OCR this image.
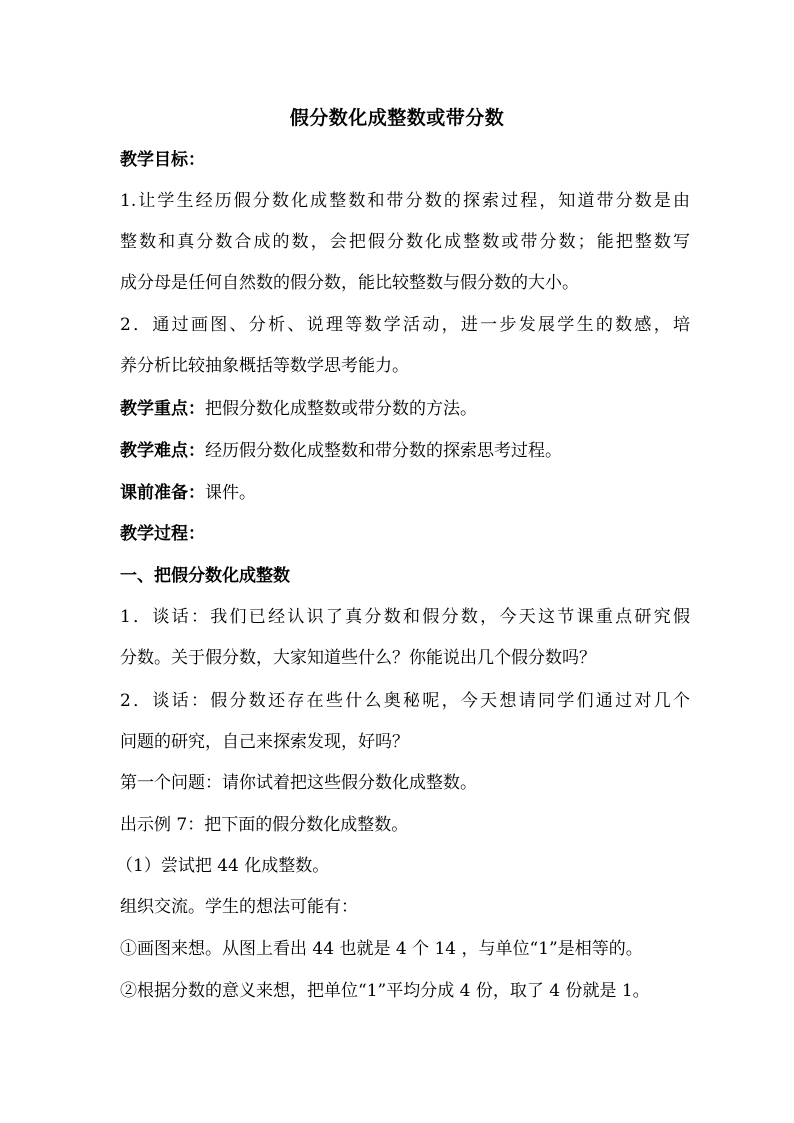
假分数化成整数或带分数
教学目标：
1.让学生经历假分数化成整数和带分数的探索过程，知道带分数是由
整数和真分数合成的数，会把假分数化成整数或带分数；能把整数写
成分母是任何自然数的假分数，能比较整数与假分数的大小。
2．通过画图、分析、说理等数学活动，进一步发展学生的数感，培
养分析比较抽象概括等数学思考能力。
教学重点：把假分数化成整数或带分数的方法。
教学难点：经历假分数化成整数和带分数的探索思考过程。
课前准备：课件。
教学过程：
一、把假分数化成整数
1．谈话：我们已经认识了真分数和假分数，今天这节课重点研究假
分数。关于假分数，大家知道些什么？你能说出几个假分数吗？
2．谈话：假分数还存在些什么奥秘呢，今天想请同学们通过对几个
问题的研究，自己来探索发现，好吗？
第一个问题：请你试着把这些假分数化成整数。
出示例 7：把下面的假分数化成整数。
（1）尝试把 44 化成整数。
组织交流。学生的想法可能有：
①画图来想。从图上看出 44 也就是 4 个 14 ，与单位“1”是相等的。
②根据分数的意义来想，把单位“1”平均分成 4 份，取了 4 份就是 1。
